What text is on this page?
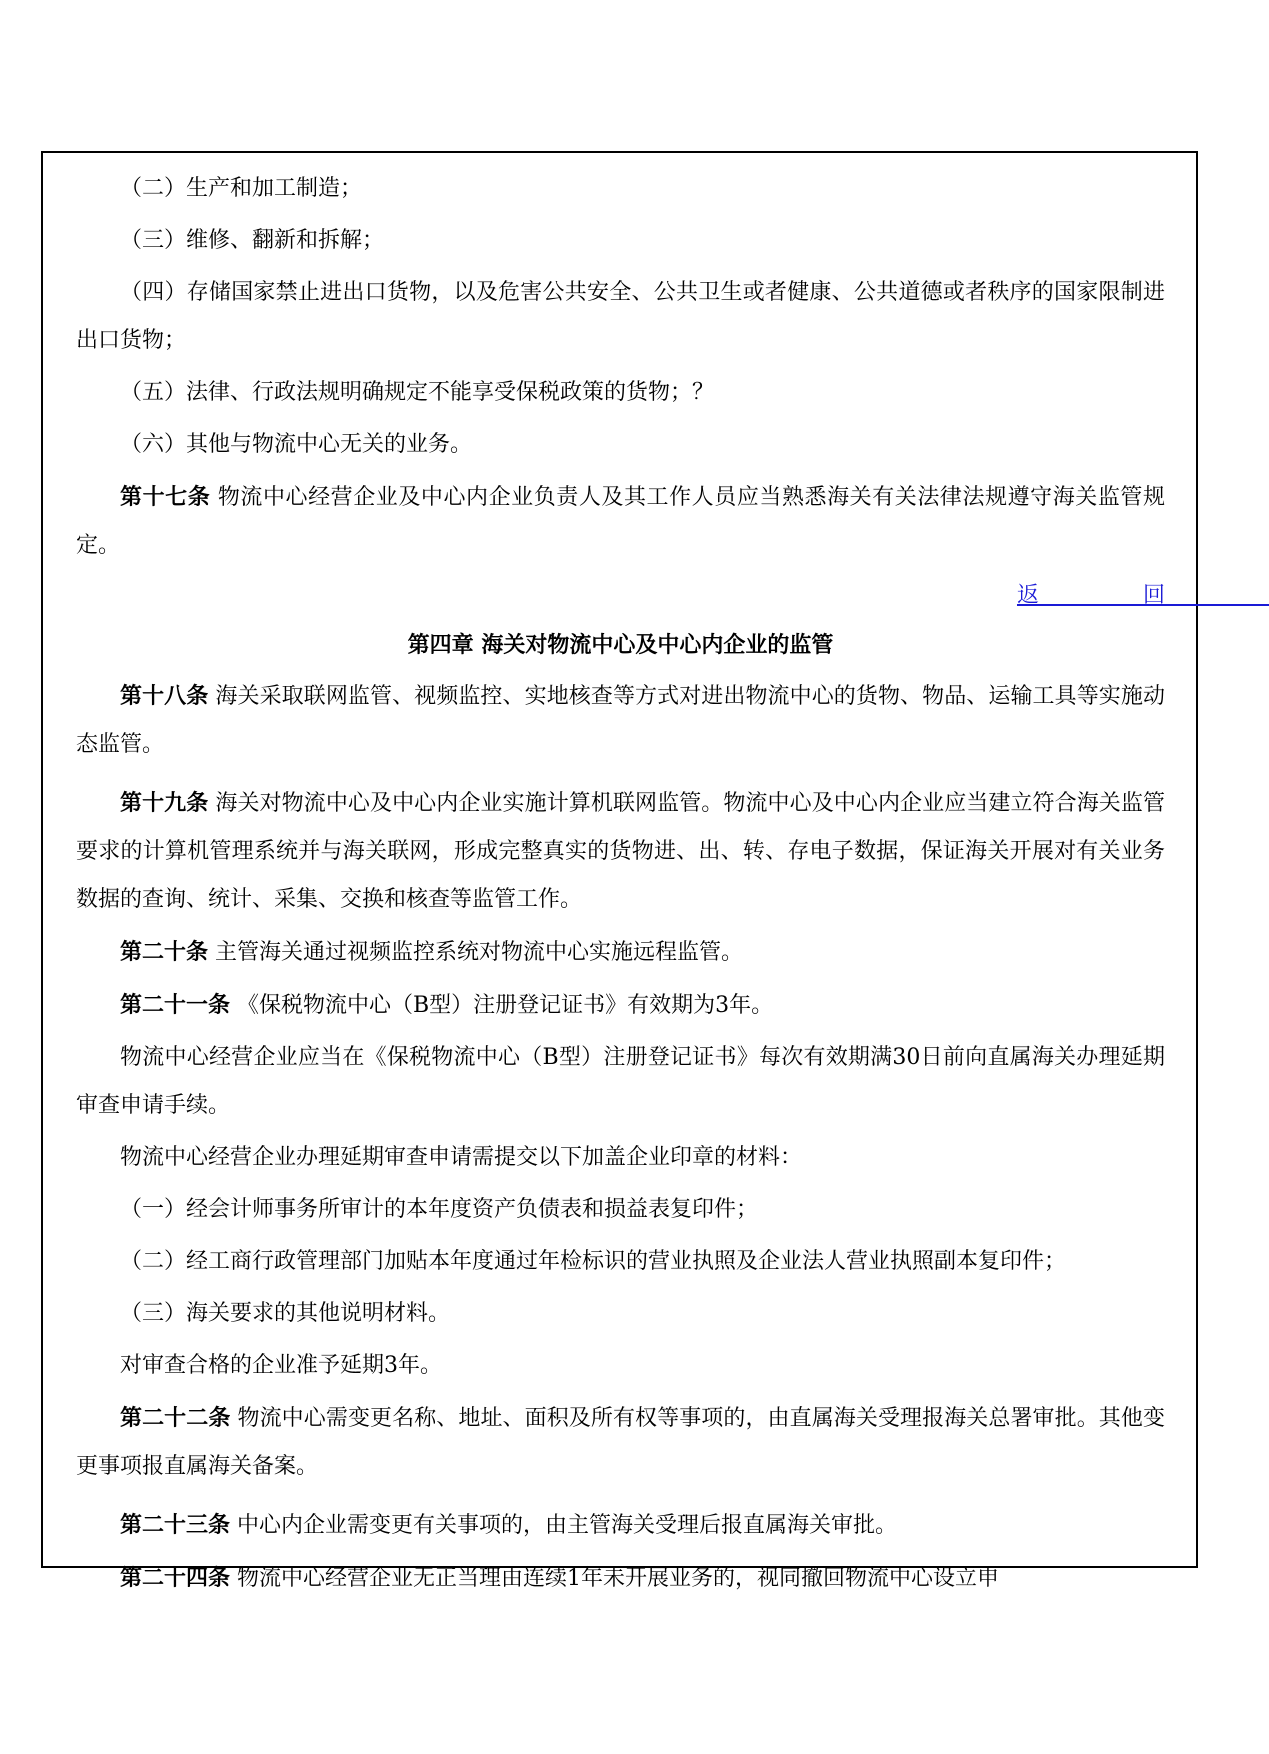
（二）生产和加工制造；

（三）维修、翻新和拆解；

（四）存储国家禁止进出口货物，以及危害公共安全、公共卫生或者健康、公共道德或者秩序的国家限制进出口货物；

（五）法律、行政法规明确规定不能享受保税政策的货物；？

（六）其他与物流中心无关的业务。

第十七条 物流中心经营企业及中心内企业负责人及其工作人员应当熟悉海关有关法律法规遵守海关监管规定。

返回

第四章 海关对物流中心及中心内企业的监管

第十八条 海关采取联网监管、视频监控、实地核查等方式对进出物流中心的货物、物品、运输工具等实施动态监管。

第十九条 海关对物流中心及中心内企业实施计算机联网监管。物流中心及中心内企业应当建立符合海关监管要求的计算机管理系统并与海关联网，形成完整真实的货物进、出、转、存电子数据，保证海关开展对有关业务数据的查询、统计、采集、交换和核查等监管工作。

第二十条 主管海关通过视频监控系统对物流中心实施远程监管。

第二十一条 《保税物流中心（B型）注册登记证书》有效期为3年。

物流中心经营企业应当在《保税物流中心（B型）注册登记证书》每次有效期满30日前向直属海关办理延期审查申请手续。

物流中心经营企业办理延期审查申请需提交以下加盖企业印章的材料：

（一）经会计师事务所审计的本年度资产负债表和损益表复印件；

（二）经工商行政管理部门加贴本年度通过年检标识的营业执照及企业法人营业执照副本复印件；

（三）海关要求的其他说明材料。

对审查合格的企业准予延期3年。

第二十二条 物流中心需变更名称、地址、面积及所有权等事项的，由直属海关受理报海关总署审批。其他变更事项报直属海关备案。

第二十三条 中心内企业需变更有关事项的，由主管海关受理后报直属海关审批。

第二十四条 物流中心经营企业无正当理由连续1年未开展业务的，视同撤回物流中心设立申
